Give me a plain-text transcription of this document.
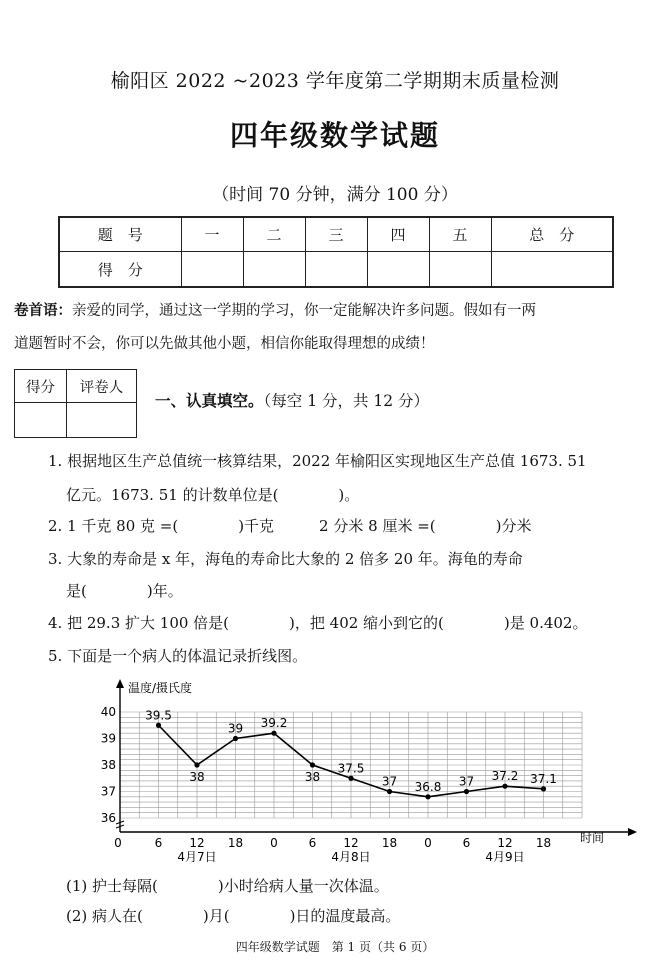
榆阳区 2022 ~2023 学年度第二学期期末质量检测
四年级数学试题
（时间 70 分钟，满分 100 分）
题　号	一	二	三	四	五	总　分
得　分						
卷首语：亲爱的同学，通过这一学期的学习，你一定能解决许多问题。假如有一两
道题暂时不会，你可以先做其他小题，相信你能取得理想的成绩！
得分	评卷人

一、认真填空。（每空 1 分，共 12 分）
1. 根据地区生产总值统一核算结果，2022 年榆阳区实现地区生产总值 1673. 51
亿元。1673. 51 的计数单位是(　　　　)。
2. 1 千克 80 克 =(　　　　)千克　　　2 分米 8 厘米 =(　　　　)分米
3. 大象的寿命是 x 年，海龟的寿命比大象的 2 倍多 20 年。海龟的寿命
是(　　　　)年。
4. 把 29.3 扩大 100 倍是(　　　　)，把 402 缩小到它的(　　　　)是 0.402。
5. 下面是一个病人的体温记录折线图。
36
37
38
39
40
0	6 12 18 0	6 12 18 0	6 12 18
4月7日	4月8日	4月9日
39.5
38
39 39.2
38
37.5
37 36.8 37 37.2 37.1
温度/摄氏度
时间
(1) 护士每隔(　　　　)小时给病人量一次体温。
(2) 病人在(　　　　)月(　　　　)日的温度最高。
四年级数学试题　第 1 页（共 6 页）
